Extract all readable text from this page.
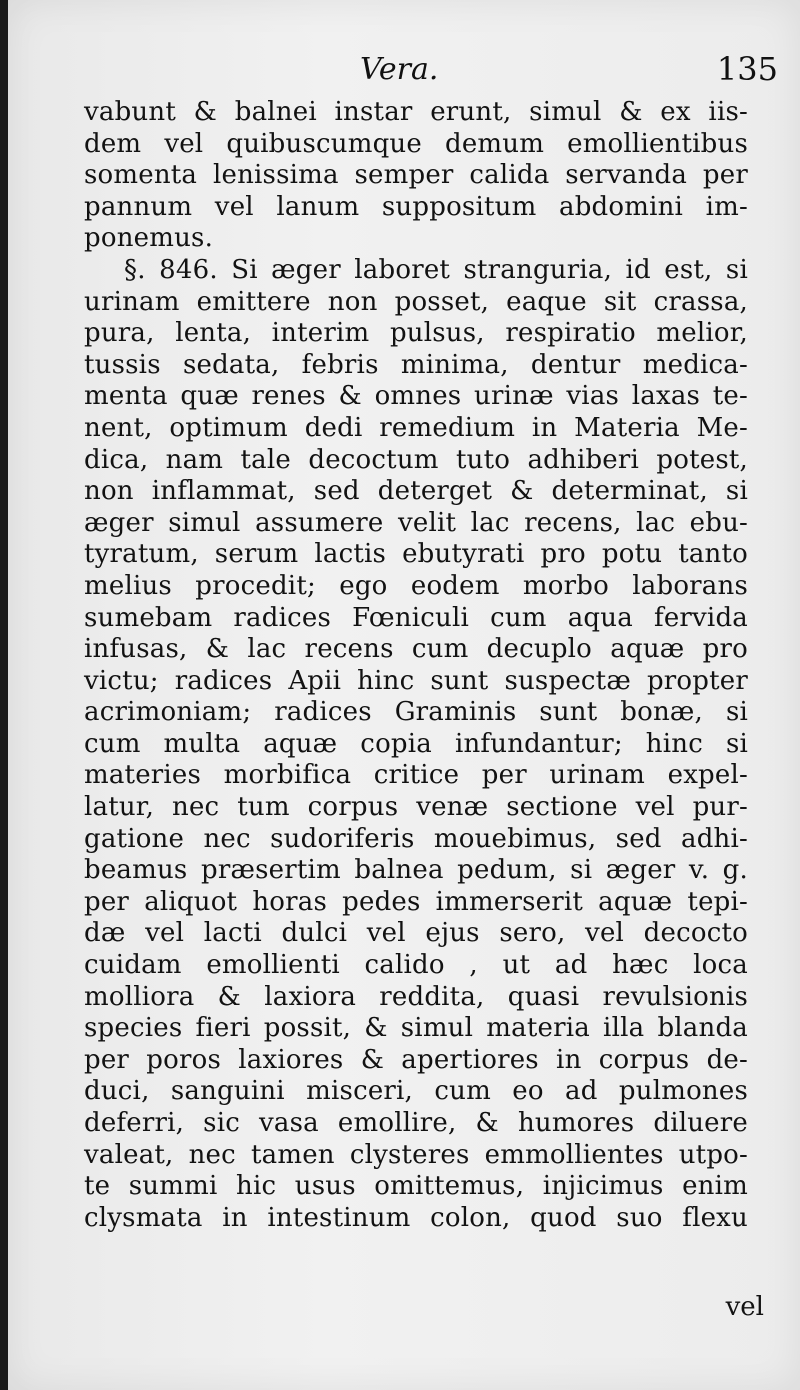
Vera.	135
vabunt & balnei instar erunt, simul & ex iis-
dem vel quibuscumque demum emollientibus
somenta lenissima semper calida servanda per
pannum vel lanum suppositum abdomini im-
ponemus.
§. 846. Si æger laboret stranguria, id est, si
urinam emittere non posset, eaque sit crassa,
pura, lenta, interim pulsus, respiratio melior,
tussis sedata, febris minima, dentur medica-
menta quæ renes & omnes urinæ vias laxas te-
nent, optimum dedi remedium in Materia Me-
dica, nam tale decoctum tuto adhiberi potest,
non inflammat, sed deterget & determinat, si
æger simul assumere velit lac recens, lac ebu-
tyratum, serum lactis ebutyrati pro potu tanto
melius procedit; ego eodem morbo laborans
sumebam radices Fœniculi cum aqua fervida
infusas, & lac recens cum decuplo aquæ pro
victu; radices Apii hinc sunt suspectæ propter
acrimoniam; radices Graminis sunt bonæ, si
cum multa aquæ copia infundantur; hinc si
materies morbifica critice per urinam expel-
latur, nec tum corpus venæ sectione vel pur-
gatione nec sudoriferis mouebimus, sed adhi-
beamus præsertim balnea pedum, si æger v. g.
per aliquot horas pedes immerserit aquæ tepi-
dæ vel lacti dulci vel ejus sero, vel decocto
cuidam emollienti calido , ut ad hæc loca
molliora & laxiora reddita, quasi revulsionis
species fieri possit, & simul materia illa blanda
per poros laxiores & apertiores in corpus de-
duci, sanguini misceri, cum eo ad pulmones
deferri, sic vasa emollire, & humores diluere
valeat, nec tamen clysteres emmollientes utpo-
te summi hic usus omittemus, injicimus enim
clysmata in intestinum colon, quod suo flexu
vel
